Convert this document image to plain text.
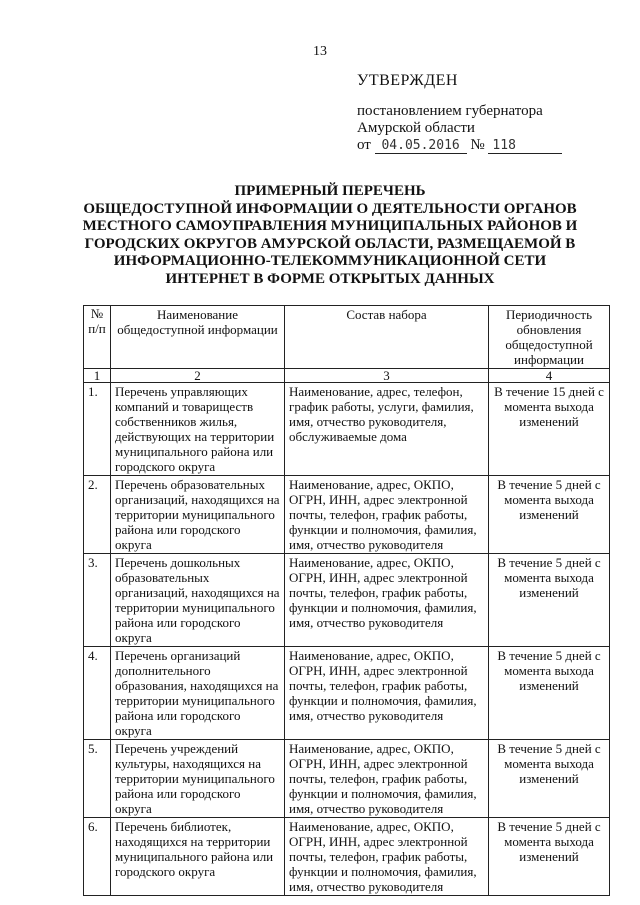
13
УТВЕРЖДЕН
постановлением губернатора
Амурской области
от 04.05.2016 № 118
ПРИМЕРНЫЙ ПЕРЕЧЕНЬ
ОБЩЕДОСТУПНОЙ ИНФОРМАЦИИ О ДЕЯТЕЛЬНОСТИ ОРГАНОВ
МЕСТНОГО САМОУПРАВЛЕНИЯ МУНИЦИПАЛЬНЫХ РАЙОНОВ И
ГОРОДСКИХ ОКРУГОВ АМУРСКОЙ ОБЛАСТИ, РАЗМЕЩАЕМОЙ В
ИНФОРМАЦИОННО-ТЕЛЕКОММУНИКАЦИОННОЙ СЕТИ
ИНТЕРНЕТ В ФОРМЕ ОТКРЫТЫХ ДАННЫХ
№ п/п	Наименование общедоступной информации	Состав набора	Периодичность обновления общедоступной информации
1	2	3	4
1.	Перечень управляющих компаний и товариществ собственников жилья, действующих на территории муниципального района или городского округа	Наименование, адрес, телефон, график работы, услуги, фамилия, имя, отчество руководителя, обслуживаемые дома	В течение 15 дней с момента выхода изменений
2.	Перечень образовательных организаций, находящихся на территории муниципального района или городского округа	Наименование, адрес, ОКПО, ОГРН, ИНН, адрес электронной почты, телефон, график работы, функции и полномочия, фамилия, имя, отчество руководителя	В течение 5 дней с момента выхода изменений
3.	Перечень дошкольных образовательных организаций, находящихся на территории муниципального района или городского округа	Наименование, адрес, ОКПО, ОГРН, ИНН, адрес электронной почты, телефон, график работы, функции и полномочия, фамилия, имя, отчество руководителя	В течение 5 дней с момента выхода изменений
4.	Перечень организаций дополнительного образования, находящихся на территории муниципального района или городского округа	Наименование, адрес, ОКПО, ОГРН, ИНН, адрес электронной почты, телефон, график работы, функции и полномочия, фамилия, имя, отчество руководителя	В течение 5 дней с момента выхода изменений
5.	Перечень учреждений культуры, находящихся на территории муниципального района или городского округа	Наименование, адрес, ОКПО, ОГРН, ИНН, адрес электронной почты, телефон, график работы, функции и полномочия, фамилия, имя, отчество руководителя	В течение 5 дней с момента выхода изменений
6.	Перечень библиотек, находящихся на территории муниципального района или городского округа	Наименование, адрес, ОКПО, ОГРН, ИНН, адрес электронной почты, телефон, график работы, функции и полномочия, фамилия, имя, отчество руководителя	В течение 5 дней с момента выхода изменений
